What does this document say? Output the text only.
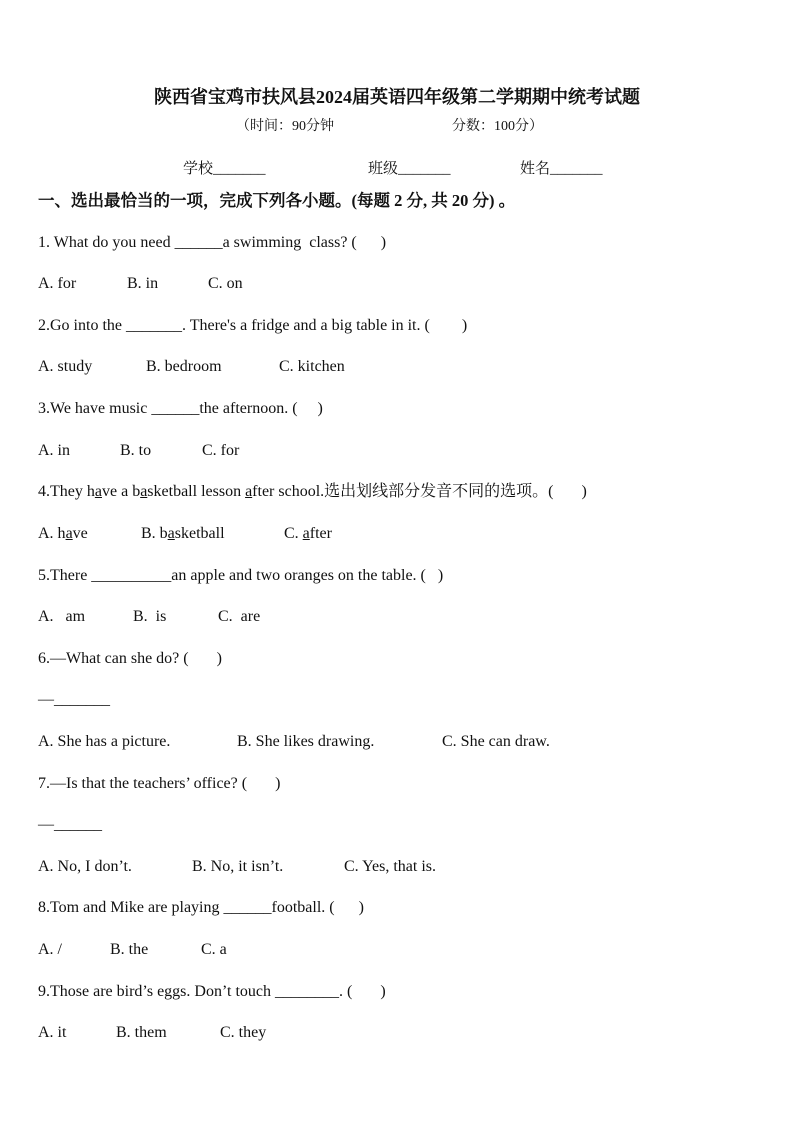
陕西省宝鸡市扶风县2024届英语四年级第二学期期中统考试题
（时间：90分钟	分数：100分）
学校_______	班级_______	姓名_______
一、选出最恰当的一项，完成下列各小题。(每题 2 分, 共 20 分) 。
1. What do you need ______a swimming  class? (      )
A. for	B. in	C. on
2.Go into the _______. There's a fridge and a big table in it. (        )
A. study	B. bedroom	C. kitchen
3.We have music ______the afternoon. (     )
A. in	B. to	C. for
4.They have a basketball lesson after school.选出划线部分发音不同的选项。(       )
A. have	B. basketball	C. after
5.There __________an apple and two oranges on the table. (   )
A.   am	B.  is	C.  are
6.—What can she do? (       )
—_______
A. She has a picture.	B. She likes drawing.	C. She can draw.
7.—Is that the teachers’ office? (       )
—______
A. No, I don’t.	B. No, it isn’t.	C. Yes, that is.
8.Tom and Mike are playing ______football. (      )
A. /	B. the	C. a
9.Those are bird’s eggs. Don’t touch ________. (       )
A. it	B. them	C. they
